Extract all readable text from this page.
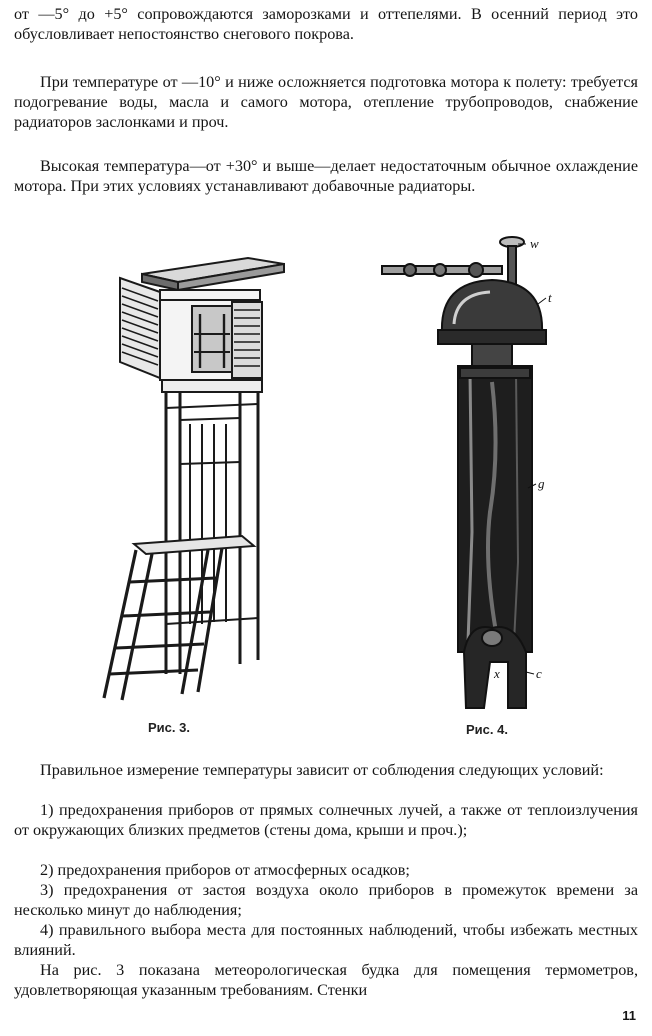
от —5° до +5° сопровождаются заморозками и оттепелями. В осенний период это обусловливает непостоянство снегового покрова.

При температуре от —10° и ниже осложняется подготовка мотора к полету: требуется подогревание воды, масла и самого мотора, отепление трубопроводов, снабжение радиаторов заслонками и проч.

Высокая температура—от +30° и выше—делает недостаточным обычное охлаждение мотора. При этих условиях устанавливают добавочные радиаторы.

Рис. 3.
w
t
g
x	c
Рис. 4.

Правильное измерение температуры зависит от соблюдения следующих условий:

1) предохранения приборов от прямых солнечных лучей, а также от теплоизлучения от окружающих близких предметов (стены дома, крыши и проч.);

2) предохранения приборов от атмосферных осадков;

3) предохранения от застоя воздуха около приборов в промежуток времени за несколько минут до наблюдения;

4) правильного выбора места для постоянных наблюдений, чтобы избежать местных влияний.

На рис. 3 показана метеорологическая будка для помещения термометров, удовлетворяющая указанным требованиям. Стенки

11
